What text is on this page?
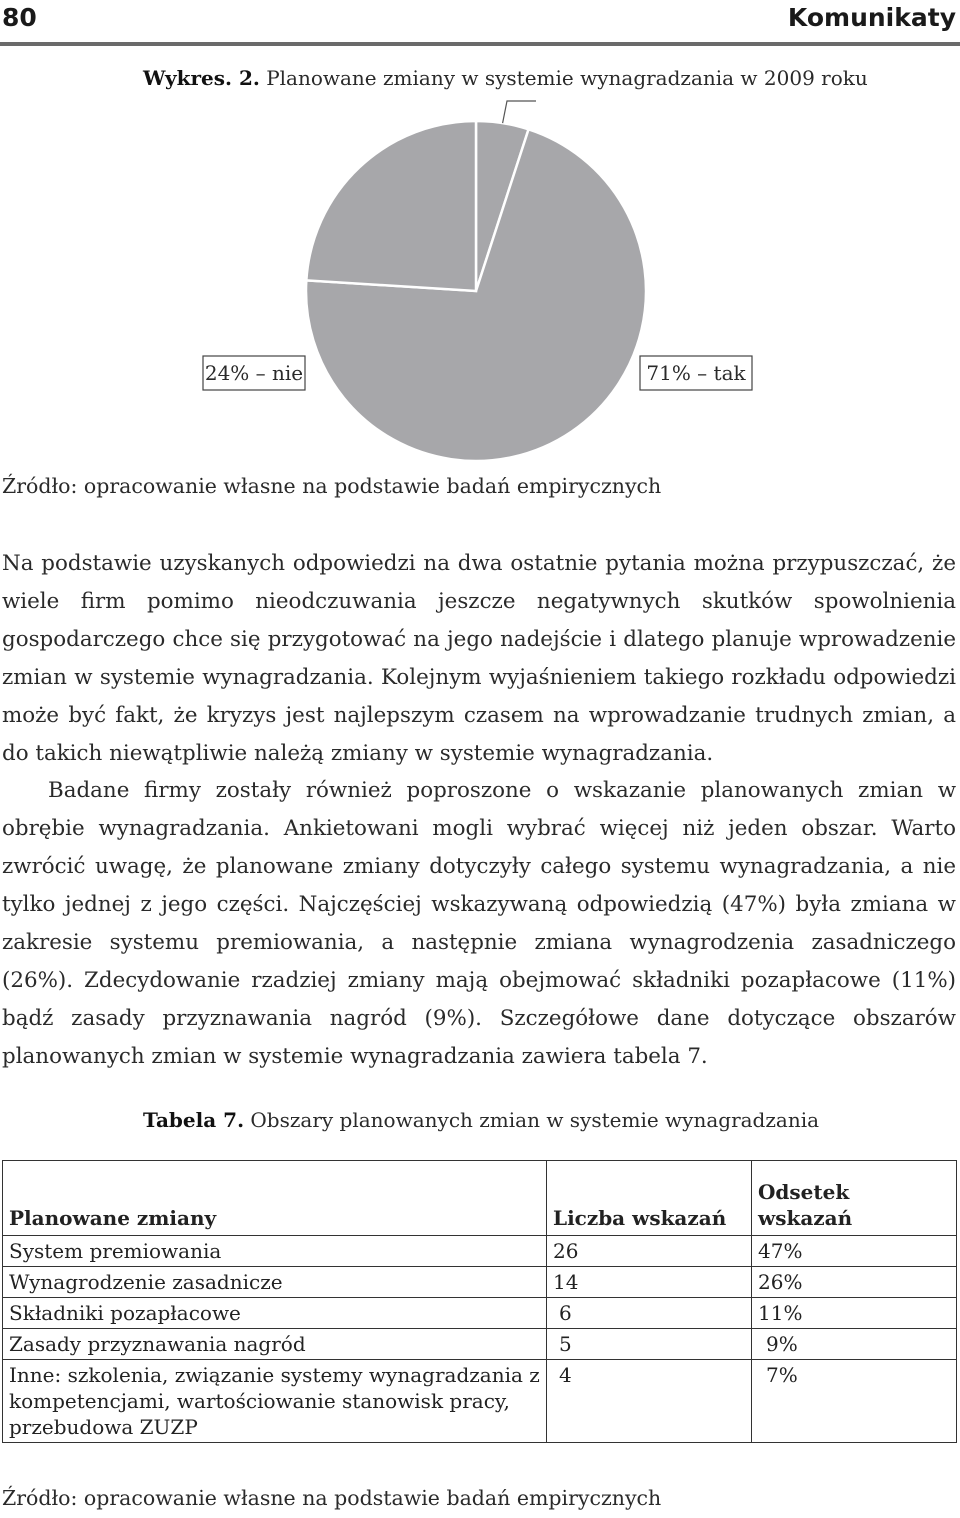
80	Komunikaty
Wykres. 2. Planowane zmiany w systemie wynagradzania w 2009 roku
24% – nie	71% – tak
Źródło: opracowanie własne na podstawie badań empirycznych

Na podstawie uzyskanych odpowiedzi na dwa ostatnie pytania można przypuszczać, że wiele firm pomimo nieodczuwania jeszcze negatywnych skutków spowolnienia gospodarczego chce się przygotować na jego nadejście i dlatego planuje wprowadzenie zmian w systemie wynagradzania. Kolejnym wyjaśnieniem takiego rozkładu odpowiedzi może być fakt, że kryzys jest najlepszym czasem na wprowadzanie trudnych zmian, a do takich niewątpliwie należą zmiany w systemie wynagradzania.

Badane firmy zostały również poproszone o wskazanie planowanych zmian w obrębie wynagradzania. Ankietowani mogli wybrać więcej niż jeden obszar. Warto zwrócić uwagę, że planowane zmiany dotyczyły całego systemu wynagradzania, a nie tylko jednej z jego części. Najczęściej wskazywaną odpowiedzią (47%) była zmiana w zakresie systemu premiowania, a następnie zmiana wynagrodzenia zasadniczego (26%). Zdecydowanie rzadziej zmiany mają obejmować składniki pozapłacowe (11%) bądź zasady przyznawania nagród (9%). Szczegółowe dane dotyczące obszarów planowanych zmian w systemie wynagradzania zawiera tabela 7.

Tabela 7. Obszary planowanych zmian w systemie wynagradzania
Planowane zmiany	Liczba wskazań	Odsetek wskazań
System premiowania	26	47%
Wynagrodzenie zasadnicze	14	26%
Składniki pozapłacowe	6	11%
Zasady przyznawania nagród	5	9%
Inne: szkolenia, związanie systemy wynagradzania z kompetencjami, wartościowanie stanowisk pracy, przebudowa ZUZP	4	7%
Źródło: opracowanie własne na podstawie badań empirycznych
